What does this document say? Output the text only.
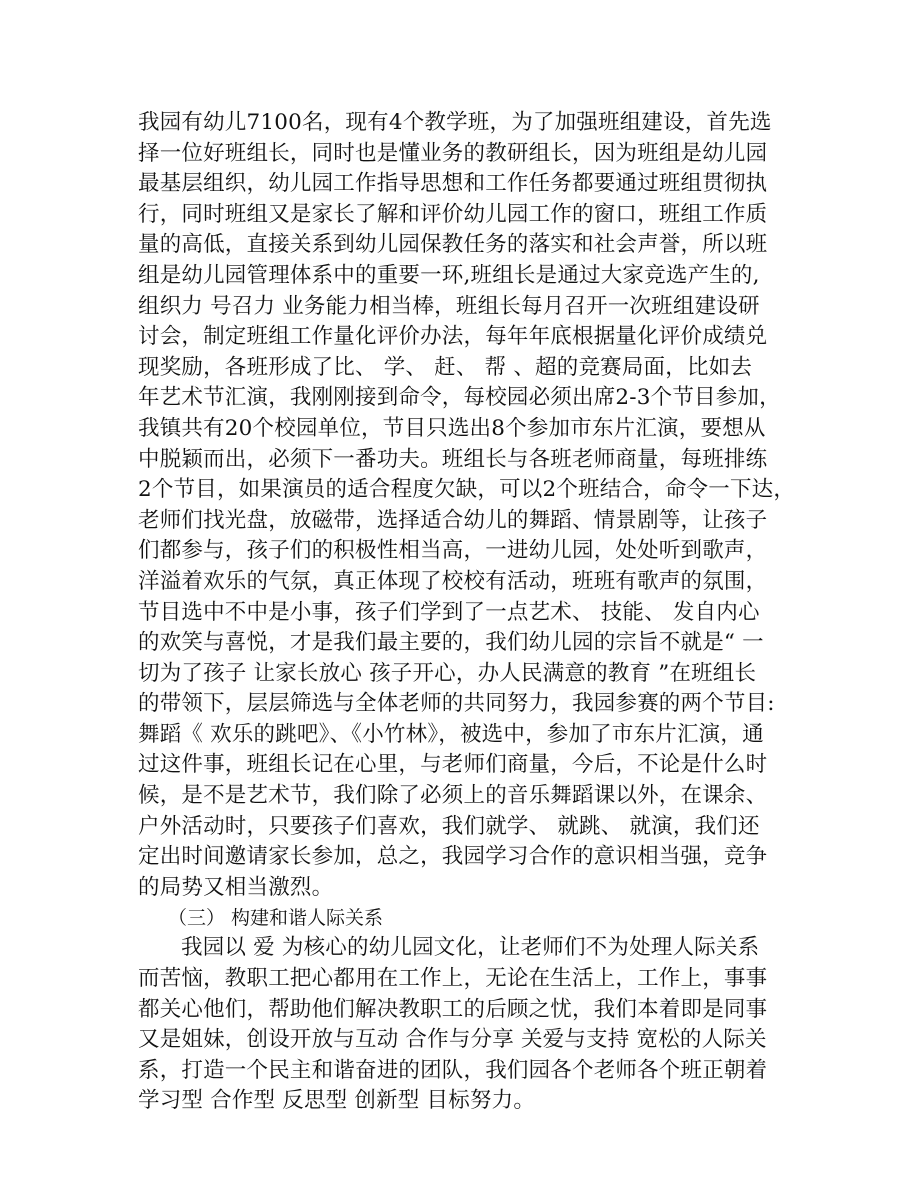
我园有幼儿7100名，现有4个教学班，为了加强班组建设，首先选
择一位好班组长，同时也是懂业务的教研组长，因为班组是幼儿园
最基层组织，幼儿园工作指导思想和工作任务都要通过班组贯彻执
行，同时班组又是家长了解和评价幼儿园工作的窗口，班组工作质
量的高低，直接关系到幼儿园保教任务的落实和社会声誉，所以班
组是幼儿园管理体系中的重要一环,班组长是通过大家竞选产生的,
组织力 号召力 业务能力相当棒，班组长每月召开一次班组建设研
讨会，制定班组工作量化评价办法，每年年底根据量化评价成绩兑
现奖励，各班形成了比、 学、 赶、 帮 、超的竞赛局面，比如去
年艺术节汇演，我刚刚接到命令，每校园必须出席2-3个节目参加，
我镇共有20个校园单位，节目只选出8个参加市东片汇演，要想从
中脱颖而出，必须下一番功夫。班组长与各班老师商量，每班排练
2个节目，如果演员的适合程度欠缺，可以2个班结合，命令一下达，
老师们找光盘，放磁带，选择适合幼儿的舞蹈、情景剧等，让孩子
们都参与，孩子们的积极性相当高，一进幼儿园，处处听到歌声，
洋溢着欢乐的气氛，真正体现了校校有活动，班班有歌声的氛围，
节目选中不中是小事，孩子们学到了一点艺术、 技能、 发自内心
的欢笑与喜悦，才是我们最主要的，我们幼儿园的宗旨不就是“ 一
切为了孩子 让家长放心 孩子开心，办人民满意的教育 ”在班组长
的带领下，层层筛选与全体老师的共同努力，我园参赛的两个节目:
舞蹈《 欢乐的跳吧》、《小竹林》，被选中，参加了市东片汇演，通
过这件事，班组长记在心里，与老师们商量，今后，不论是什么时
候，是不是艺术节，我们除了必须上的音乐舞蹈课以外，在课余、
户外活动时，只要孩子们喜欢，我们就学、 就跳、 就演，我们还
定出时间邀请家长参加，总之，我园学习合作的意识相当强，竞争
的局势又相当激烈。

（三） 构建和谐人际关系

我园以 爱 为核心的幼儿园文化，让老师们不为处理人际关系
而苦恼，教职工把心都用在工作上，无论在生活上，工作上，事事
都关心他们，帮助他们解决教职工的后顾之忧，我们本着即是同事
又是姐妹，创设开放与互动 合作与分享 关爱与支持 宽松的人际关
系，打造一个民主和谐奋进的团队，我们园各个老师各个班正朝着
学习型 合作型 反思型 创新型 目标努力。
